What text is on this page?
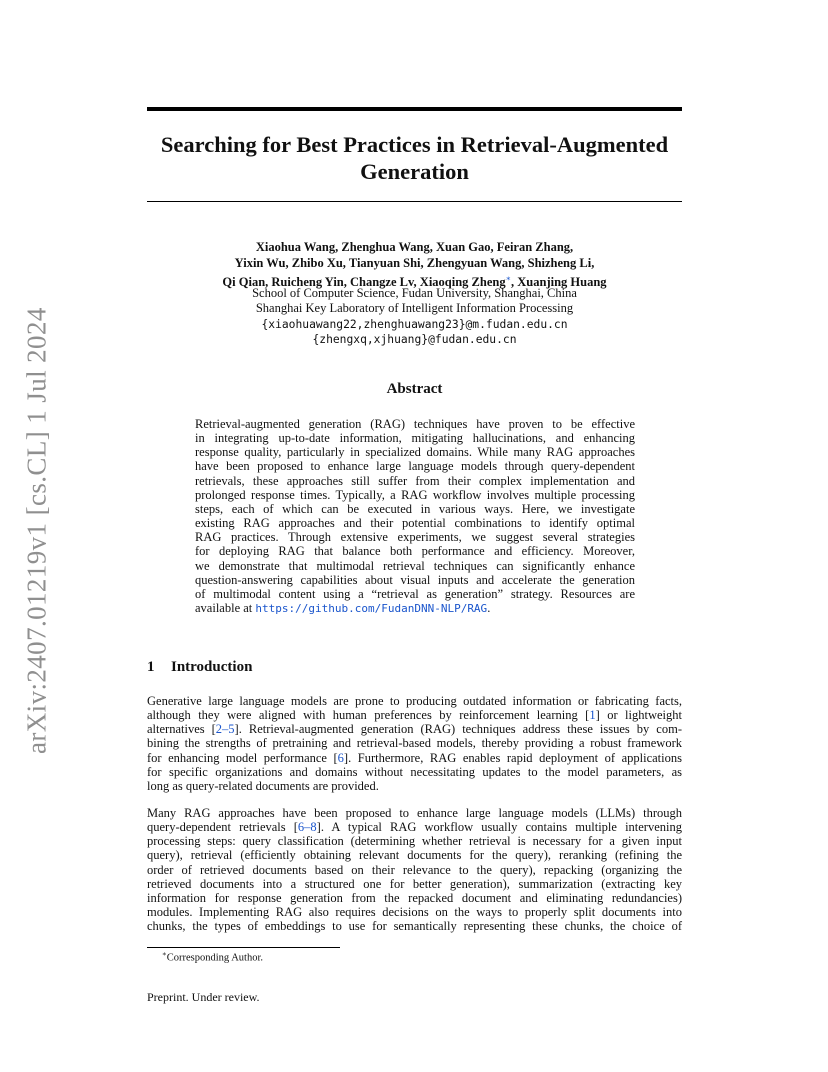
arXiv:2407.01219v1 [cs.CL] 1 Jul 2024
Searching for Best Practices in Retrieval-Augmented
Generation
Xiaohua Wang, Zhenghua Wang, Xuan Gao, Feiran Zhang,
Yixin Wu, Zhibo Xu, Tianyuan Shi, Zhengyuan Wang, Shizheng Li,
Qi Qian, Ruicheng Yin, Changze Lv, Xiaoqing Zheng∗, Xuanjing Huang
School of Computer Science, Fudan University, Shanghai, China
Shanghai Key Laboratory of Intelligent Information Processing
{xiaohuawang22,zhenghuawang23}@m.fudan.edu.cn
{zhengxq,xjhuang}@fudan.edu.cn
Abstract
Retrieval-augmented generation (RAG) techniques have proven to be effective
in integrating up-to-date information, mitigating hallucinations, and enhancing
response quality, particularly in specialized domains. While many RAG approaches
have been proposed to enhance large language models through query-dependent
retrievals, these approaches still suffer from their complex implementation and
prolonged response times. Typically, a RAG workflow involves multiple processing
steps, each of which can be executed in various ways. Here, we investigate
existing RAG approaches and their potential combinations to identify optimal
RAG practices. Through extensive experiments, we suggest several strategies
for deploying RAG that balance both performance and efficiency. Moreover,
we demonstrate that multimodal retrieval techniques can significantly enhance
question-answering capabilities about visual inputs and accelerate the generation
of multimodal content using a “retrieval as generation” strategy. Resources are
available at https://github.com/FudanDNN-NLP/RAG.
1 Introduction
Generative large language models are prone to producing outdated information or fabricating facts,
although they were aligned with human preferences by reinforcement learning [1] or lightweight
alternatives [2–5]. Retrieval-augmented generation (RAG) techniques address these issues by com-
bining the strengths of pretraining and retrieval-based models, thereby providing a robust framework
for enhancing model performance [6]. Furthermore, RAG enables rapid deployment of applications
for specific organizations and domains without necessitating updates to the model parameters, as
long as query-related documents are provided.
Many RAG approaches have been proposed to enhance large language models (LLMs) through
query-dependent retrievals [6–8]. A typical RAG workflow usually contains multiple intervening
processing steps: query classification (determining whether retrieval is necessary for a given input
query), retrieval (efficiently obtaining relevant documents for the query), reranking (refining the
order of retrieved documents based on their relevance to the query), repacking (organizing the
retrieved documents into a structured one for better generation), summarization (extracting key
information for response generation from the repacked document and eliminating redundancies)
modules. Implementing RAG also requires decisions on the ways to properly split documents into
chunks, the types of embeddings to use for semantically representing these chunks, the choice of
∗Corresponding Author.
Preprint. Under review.
